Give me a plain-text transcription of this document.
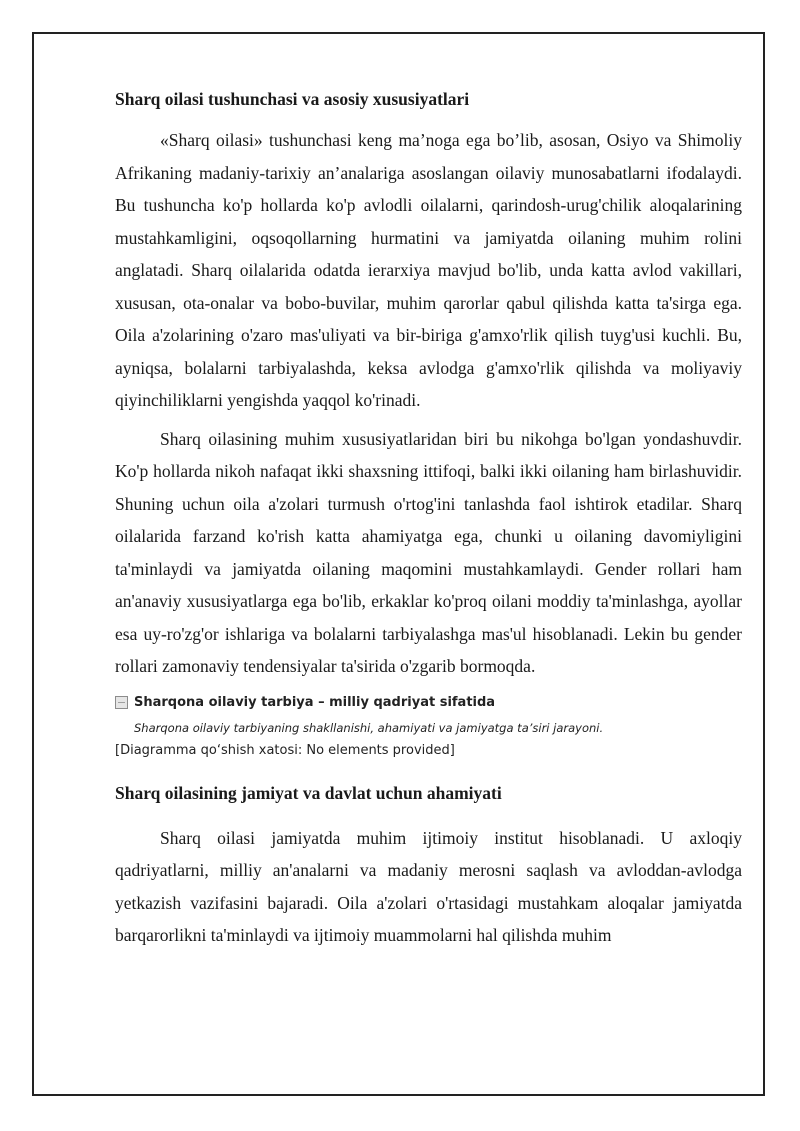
Sharq oilasi tushunchasi va asosiy xususiyatlari

«Sharq oilasi» tushunchasi keng ma’noga ega bo’lib, asosan, Osiyo va Shimoliy Afrikaning madaniy-tarixiy an’analariga asoslangan oilaviy munosabatlarni ifodalaydi. Bu tushuncha ko'p hollarda ko'p avlodli oilalarni, qarindosh-urug'chilik aloqalarining mustahkamligini, oqsoqollarning hurmatini va jamiyatda oilaning muhim rolini anglatadi. Sharq oilalarida odatda ierarxiya mavjud bo'lib, unda katta avlod vakillari, xususan, ota-onalar va bobo-buvilar, muhim qarorlar qabul qilishda katta ta'sirga ega. Oila a'zolarining o'zaro mas'uliyati va bir-biriga g'amxo'rlik qilish tuyg'usi kuchli. Bu, ayniqsa, bolalarni tarbiyalashda, keksa avlodga g'amxo'rlik qilishda va moliyaviy qiyinchiliklarni yengishda yaqqol ko'rinadi.

Sharq oilasining muhim xususiyatlaridan biri bu nikohga bo'lgan yondashuvdir. Ko'p hollarda nikoh nafaqat ikki shaxsning ittifoqi, balki ikki oilaning ham birlashuvidir. Shuning uchun oila a'zolari turmush o'rtog'ini tanlashda faol ishtirok etadilar. Sharq oilalarida farzand ko'rish katta ahamiyatga ega, chunki u oilaning davomiyligini ta'minlaydi va jamiyatda oilaning maqomini mustahkamlaydi. Gender rollari ham an'anaviy xususiyatlarga ega bo'lib, erkaklar ko'proq oilani moddiy ta'minlashga, ayollar esa uy-ro'zg'or ishlariga va bolalarni tarbiyalashga mas'ul hisoblanadi. Lekin bu gender rollari zamonaviy tendensiyalar ta'sirida o'zgarib bormoqda.

Sharqona oilaviy tarbiya – milliy qadriyat sifatida
Sharqona oilaviy tarbiyaning shakllanishi, ahamiyati va jamiyatga ta’siri jarayoni.
[Diagramma qo‘shish xatosi: No elements provided]
Sharq oilasining jamiyat va davlat uchun ahamiyati

Sharq oilasi jamiyatda muhim ijtimoiy institut hisoblanadi. U axloqiy qadriyatlarni, milliy an'analarni va madaniy merosni saqlash va avloddan-avlodga yetkazish vazifasini bajaradi. Oila a'zolari o'rtasidagi mustahkam aloqalar jamiyatda barqarorlikni ta'minlaydi va ijtimoiy muammolarni hal qilishda muhim
